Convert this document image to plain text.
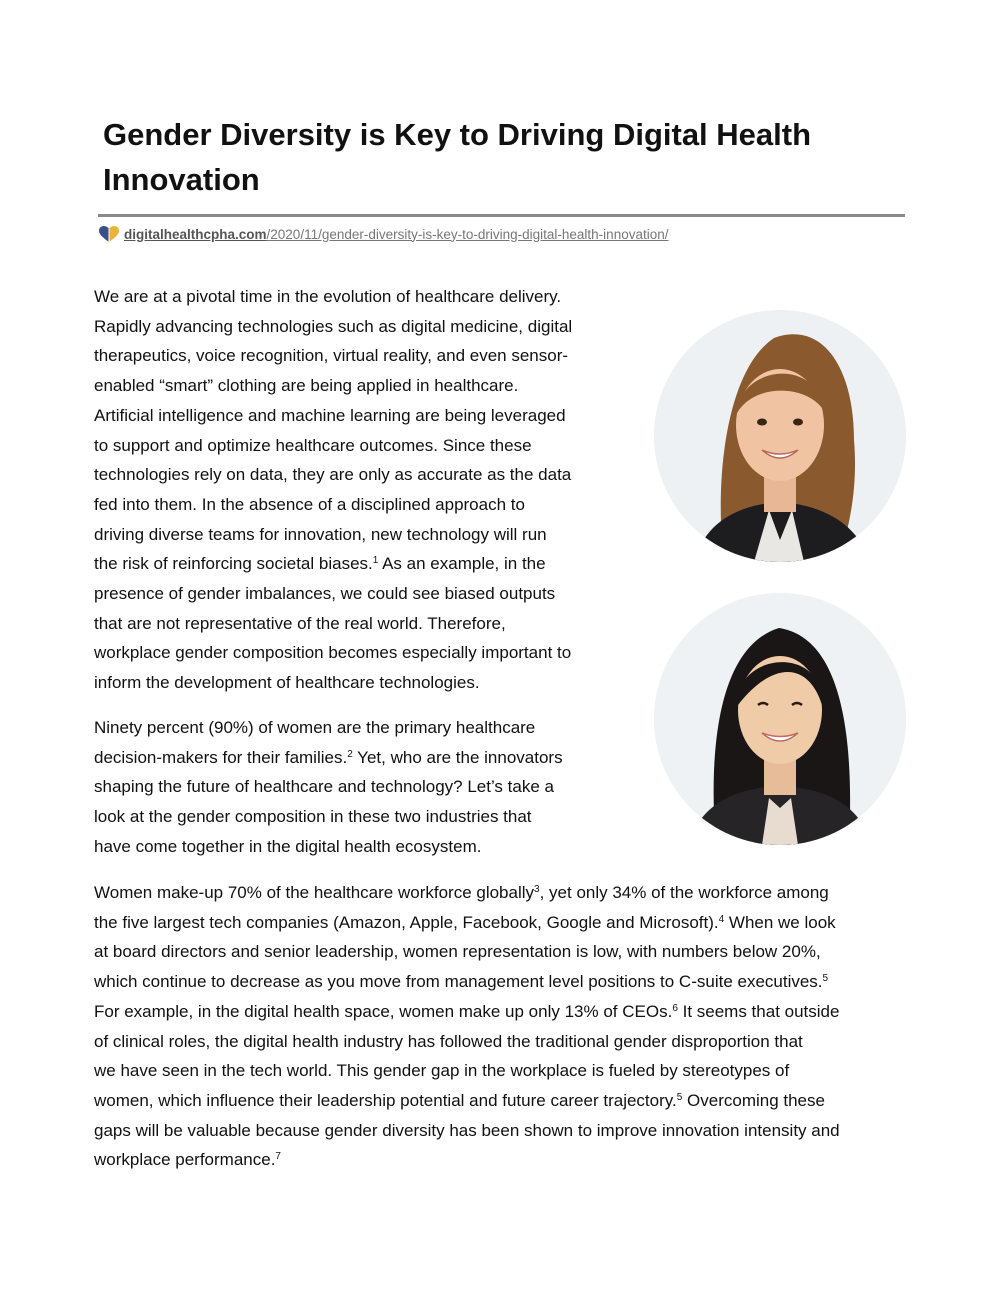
Gender Diversity is Key to Driving Digital Health
Innovation
digitalhealthcpha.com/2020/11/gender-diversity-is-key-to-driving-digital-health-innovation/
We are at a pivotal time in the evolution of healthcare delivery.
Rapidly advancing technologies such as digital medicine, digital
therapeutics, voice recognition, virtual reality, and even sensor-
enabled “smart” clothing are being applied in healthcare.
Artificial intelligence and machine learning are being leveraged
to support and optimize healthcare outcomes. Since these
technologies rely on data, they are only as accurate as the data
fed into them. In the absence of a disciplined approach to
driving diverse teams for innovation, new technology will run
the risk of reinforcing societal biases.$^1$ As an example, in the
presence of gender imbalances, we could see biased outputs
that are not representative of the real world. Therefore,
workplace gender composition becomes especially important to
inform the development of healthcare technologies.
Ninety percent (90%) of women are the primary healthcare
decision-makers for their families.$^2$ Yet, who are the innovators
shaping the future of healthcare and technology? Let’s take a
look at the gender composition in these two industries that
have come together in the digital health ecosystem.
Women make-up 70% of the healthcare workforce globally$^3$, yet only 34% of the workforce among
the five largest tech companies (Amazon, Apple, Facebook, Google and Microsoft).$^4$ When we look
at board directors and senior leadership, women representation is low, with numbers below 20%,
which continue to decrease as you move from management level positions to C-suite executives.$^5$
For example, in the digital health space, women make up only 13% of CEOs.$^6$ It seems that outside
of clinical roles, the digital health industry has followed the traditional gender disproportion that
we have seen in the tech world. This gender gap in the workplace is fueled by stereotypes of
women, which influence their leadership potential and future career trajectory.$^5$ Overcoming these
gaps will be valuable because gender diversity has been shown to improve innovation intensity and
workplace performance.$^7$
